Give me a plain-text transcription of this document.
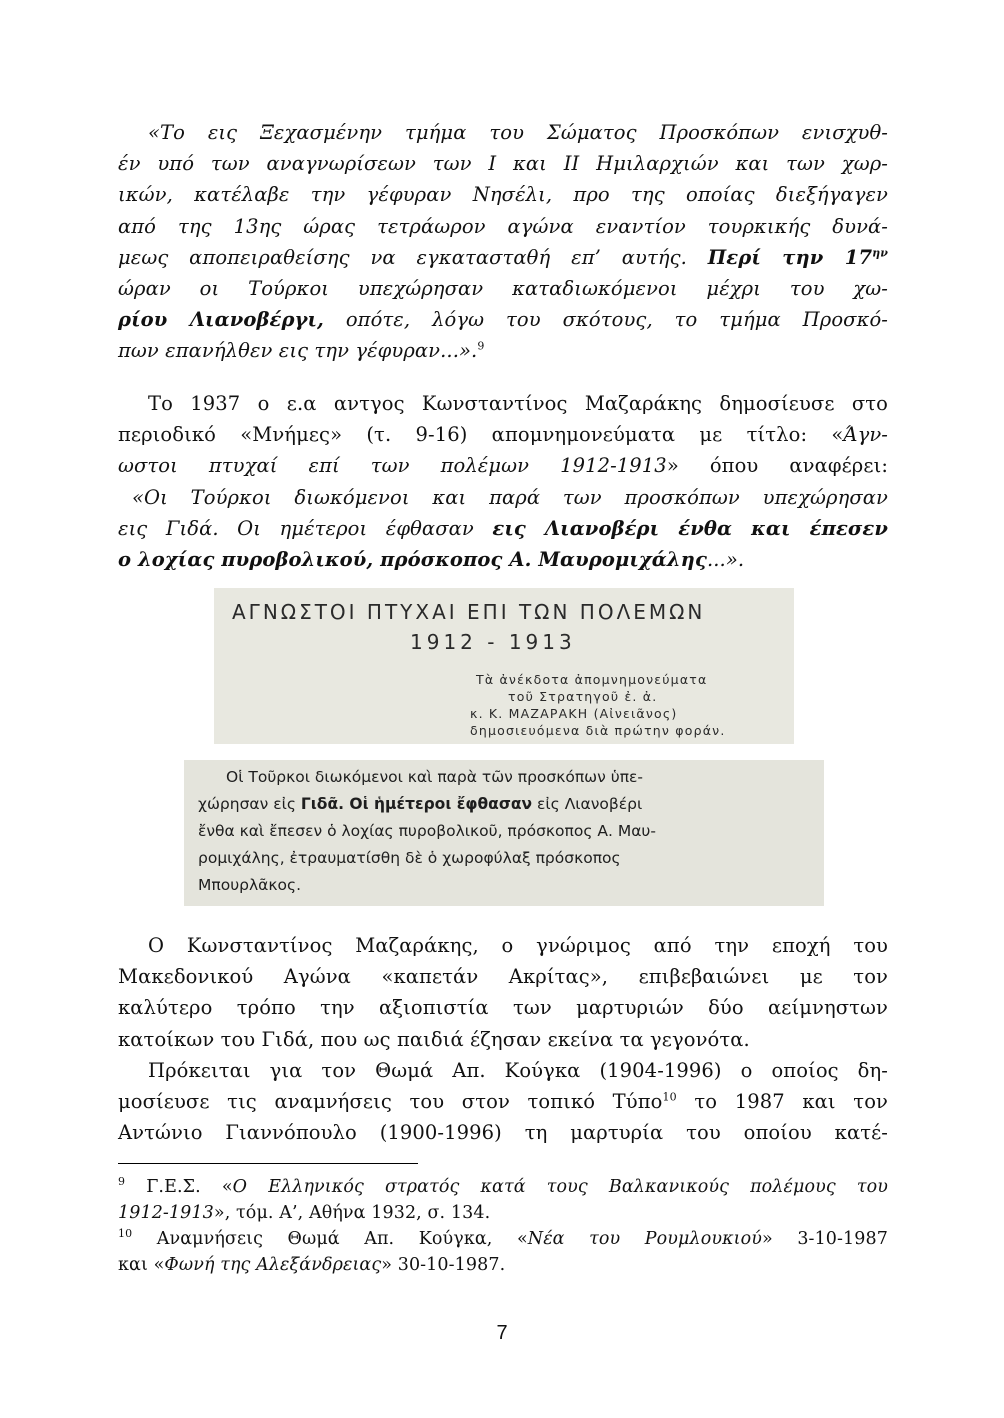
«Το εις Ξεχασμένην τμήμα του Σώματος Προσκόπων ενισχυθ-
έν υπό των αναγνωρίσεων των Ι και ΙΙ Ημιλαρχιών και των χωρ-
ικών, κατέλαβε την γέφυραν Νησέλι, προ της οποίας διεξήγαγεν
από της 13ης ώρας τετράωρον αγώνα εναντίον τουρκικής δυνά-
μεως αποπειραθείσης να εγκατασταθή επ’ αυτής. Περί την $17^{\eta\nu}$
ώραν οι Τούρκοι υπεχώρησαν καταδιωκόμενοι μέχρι του χω-
ρίου Λιανοβέργι, οπότε, λόγω του σκότους, το τμήμα Προσκό-
πων επανήλθεν εις την γέφυραν...».$^9$
Το 1937 ο ε.α αντγος Κωνσταντίνος Μαζαράκης δημοσίευσε στο
περιοδικό «Μνήμες» (τ. 9-16) απομνημονεύματα με τίτλο: «Άγν-
ωστοι πτυχαί επί των πολέμων 1912-1913» όπου αναφέρει:
«Οι Τούρκοι διωκόμενοι και παρά των προσκόπων υπεχώρησαν
εις Γιδά. Οι ημέτεροι έφθασαν εις Λιανοβέρι ένθα και έπεσεν
ο λοχίας πυροβολικού, πρόσκοπος Α. Μαυρομιχάλης...».
ΑΓΝΩΣΤΟΙ ΠΤΥΧΑΙ ΕΠΙ ΤΩΝ ΠΟΛΕΜΩΝ
1912 - 1913
Τὰ ἀνέκδοτα ἀπομνημονεύματα
τοῦ Στρατηγοῦ ἐ. ἀ.
κ. Κ. ΜΑΖΑΡΑΚΗ (Αἰνειᾶνος)
δημοσιευόμενα διὰ πρώτην φοράν.
Οἱ Τοῦρκοι διωκόμενοι καὶ παρὰ τῶν προσκόπων ὑπε-
χώρησαν εἰς Γιδᾶ. Οἱ ἡμέτεροι ἔφθασαν εἰς Λιανοβέρι
ἔνθα καὶ ἔπεσεν ὁ λοχίας πυροβολικοῦ, πρόσκοπος Α. Μαυ-
ρομιχάλης, ἐτραυματίσθη δὲ ὁ χωροφύλαξ πρόσκοπος
Μπουρλᾶκος.
Ο Κωνσταντίνος Μαζαράκης, ο γνώριμος από την εποχή του
Μακεδονικού Αγώνα «καπετάν Ακρίτας», επιβεβαιώνει με τον
καλύτερο τρόπο την αξιοπιστία των μαρτυριών δύο αείμνηστων
κατοίκων του Γιδά, που ως παιδιά έζησαν εκείνα τα γεγονότα.
Πρόκειται για τον Θωμά Απ. Κούγκα (1904-1996) ο οποίος δη-
μοσίευσε τις αναμνήσεις του στον τοπικό Τύπο$^{10}$ το 1987 και τον
Αντώνιο Γιαννόπουλο (1900-1996) τη μαρτυρία του οποίου κατέ-
$^9$ Γ.Ε.Σ. «Ο Ελληνικός στρατός κατά τους Βαλκανικούς πολέμους του
1912-1913», τόμ. Α’, Αθήνα 1932, σ. 134.
$^{10}$ Αναμνήσεις Θωμά Απ. Κούγκα, «Νέα του Ρουμλουκιού» 3-10-1987
και «Φωνή της Αλεξάνδρειας» 30-10-1987.
7
